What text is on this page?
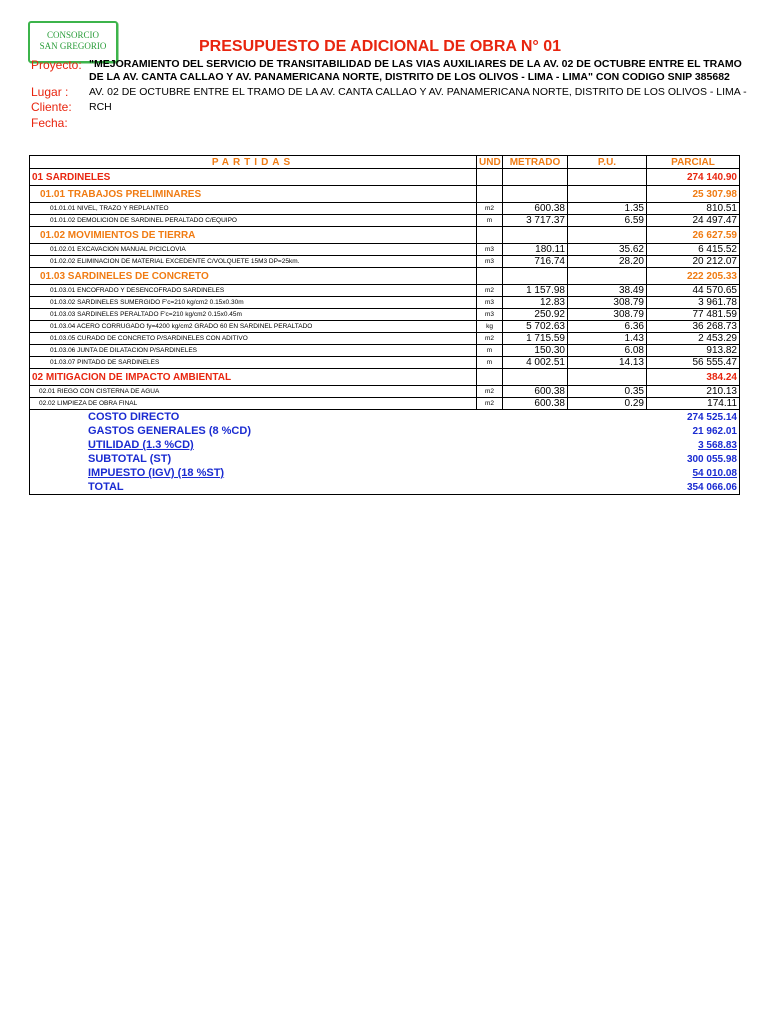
CONSORCIO
SAN GREGORIO	PRESUPUESTO DE ADICIONAL DE OBRA N° 01
Proyecto: "MEJORAMIENTO DEL SERVICIO DE TRANSITABILIDAD DE LAS VIAS AUXILIARES DE LA AV. 02 DE OCTUBRE ENTRE EL TRAMO
DE LA AV. CANTA CALLAO Y AV. PANAMERICANA NORTE, DISTRITO DE LOS OLIVOS - LIMA - LIMA" CON CODIGO SNIP 385682
Lugar : AV. 02 DE OCTUBRE ENTRE EL TRAMO DE LA AV. CANTA CALLAO Y AV. PANAMERICANA NORTE, DISTRITO DE LOS OLIVOS - LIMA -
Cliente: RCH
Fecha:
PARTIDAS	UND	METRADO	P.U.	PARCIAL
01 SARDINELES				274 140.90
01.01 TRABAJOS PRELIMINARES				25 307.98
01.01.01 NIVEL, TRAZO Y REPLANTEO	m2	600.38	1.35	810.51
01.01.02 DEMOLICION DE SARDINEL PERALTADO C/EQUIPO	m	3 717.37	6.59	24 497.47
01.02 MOVIMIENTOS DE TIERRA				26 627.59
01.02.01 EXCAVACION MANUAL P/CICLOVIA	m3	180.11	35.62	6 415.52
01.02.02 ELIMINACION DE MATERIAL EXCEDENTE C/VOLQUETE 15M3 DP=25km.	m3	716.74	28.20	20 212.07
01.03 SARDINELES DE CONCRETO				222 205.33
01.03.01 ENCOFRADO Y DESENCOFRADO SARDINELES	m2	1 157.98	38.49	44 570.65
01.03.02 SARDINELES SUMERGIDO F'c=210 kg/cm2 0.15x0.30m	m3	12.83	308.79	3 961.78
01.03.03 SARDINELES PERALTADO F'c=210 kg/cm2 0.15x0.45m	m3	250.92	308.79	77 481.59
01.03.04 ACERO CORRUGADO fy=4200 kg/cm2 GRADO 60 EN SARDINEL PERALTADO	kg	5 702.63	6.36	36 268.73
01.03.05 CURADO DE CONCRETO P/SARDINELES CON ADITIVO	m2	1 715.59	1.43	2 453.29
01.03.06 JUNTA DE DILATACION P/SARDINELES	m	150.30	6.08	913.82
01.03.07 PINTADO DE SARDINELES	m	4 002.51	14.13	56 555.47
02 MITIGACION DE IMPACTO AMBIENTAL				384.24
02.01 RIEGO CON CISTERNA DE AGUA	m2	600.38	0.35	210.13
02.02 LIMPIEZA DE OBRA FINAL	m2	600.38	0.29	174.11
COSTO DIRECTO				274 525.14
GASTOS GENERALES (8 %CD)				21 962.01
UTILIDAD (1.3 %CD)				3 568.83
SUBTOTAL (ST)				300 055.98
IMPUESTO (IGV) (18 %ST)				54 010.08
TOTAL				354 066.06
